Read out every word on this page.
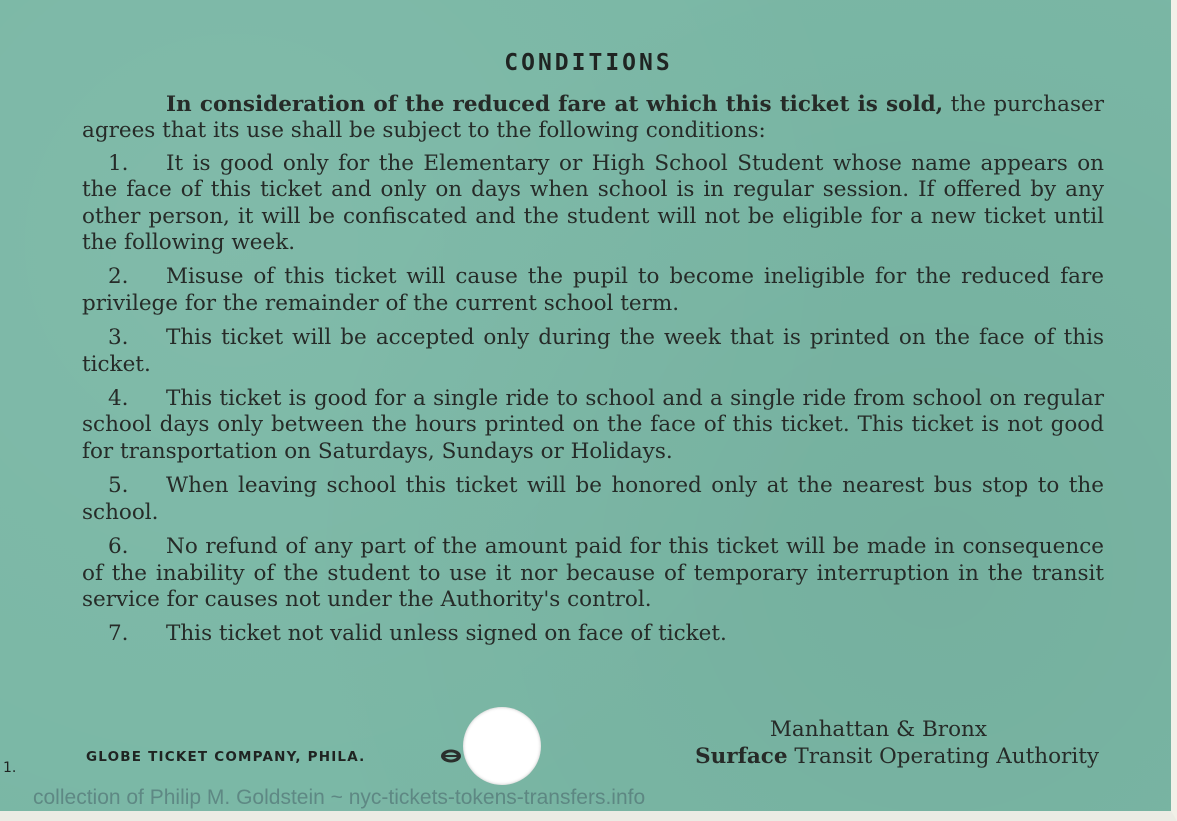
CONDITIONS

In consideration of the reduced fare at which this ticket is sold, the purchaser agrees that its use shall be subject to the following conditions:

1. It is good only for the Elementary or High School Student whose name appears on the face of this ticket and only on days when school is in regular session. If offered by any other person, it will be confiscated and the student will not be eligible for a new ticket until the following week.

2. Misuse of this ticket will cause the pupil to become ineligible for the reduced fare privilege for the remainder of the current school term.

3. This ticket will be accepted only during the week that is printed on the face of this ticket.

4. This ticket is good for a single ride to school and a single ride from school on regular school days only between the hours printed on the face of this ticket. This ticket is not good for transportation on Saturdays, Sundays or Holidays.

5. When leaving school this ticket will be honored only at the nearest bus stop to the school.

6. No refund of any part of the amount paid for this ticket will be made in consequence of the inability of the student to use it nor because of temporary interruption in the transit service for causes not under the Authority's control.

7. This ticket not valid unless signed on face of ticket.

Manhattan & Bronx
Surface Transit Operating Authority
GLOBE TICKET COMPANY, PHILA.
1.
collection of Philip M. Goldstein ~ nyc-tickets-tokens-transfers.info
